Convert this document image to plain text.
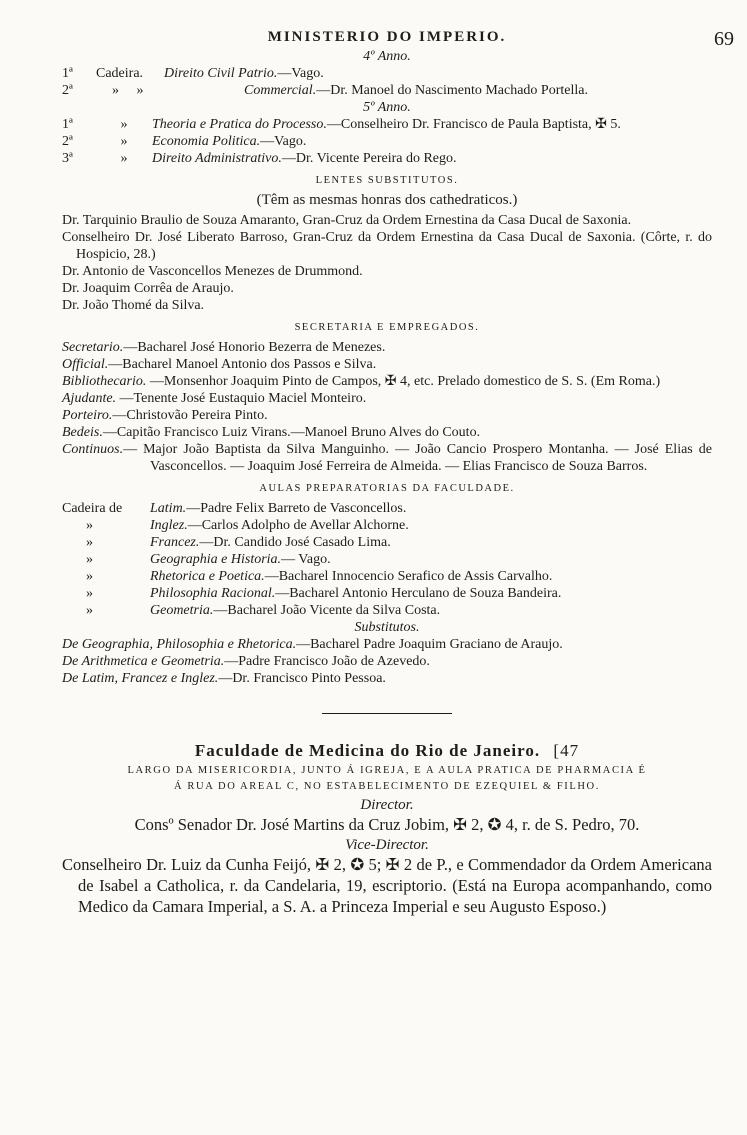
MINISTERIO DO IMPERIO.	69
4º Anno.
1ª	Cadeira.	Direito Civil Patrio.—Vago.
2ª	»     »	Commercial.—Dr. Manoel do Nascimento Machado Portella.
5º Anno.
1ª	»	Theoria e Pratica do Processo.—Conselheiro Dr. Francisco de Paula Baptista, ✠ 5.
2ª	»	Economia Politica.—Vago.
3ª	»	Direito Administrativo.—Dr. Vicente Pereira do Rego.
LENTES SUBSTITUTOS.
(Têm as mesmas honras dos cathedraticos.)
Dr. Tarquinio Braulio de Souza Amaranto, Gran-Cruz da Ordem Ernestina da Casa Ducal de Saxonia.
Conselheiro Dr. José Liberato Barroso, Gran-Cruz da Ordem Ernestina da Casa Ducal de Saxonia. (Côrte, r. do Hospicio, 28.)
Dr. Antonio de Vasconcellos Menezes de Drummond.
Dr. Joaquim Corrêa de Araujo.
Dr. João Thomé da Silva.
SECRETARIA E EMPREGADOS.
Secretario.—Bacharel José Honorio Bezerra de Menezes.
Official.—Bacharel Manoel Antonio dos Passos e Silva.
Bibliothecario. —Monsenhor Joaquim Pinto de Campos, ✠ 4, etc. Prelado domestico de S. S. (Em Roma.)
Ajudante. —Tenente José Eustaquio Maciel Monteiro.
Porteiro.—Christovão Pereira Pinto.
Bedeis.—Capitão Francisco Luiz Virans.—Manoel Bruno Alves do Couto.
Continuos.— Major João Baptista da Silva Manguinho. — João Cancio Prospero Montanha. — José Elias de Vasconcellos. — Joaquim José Ferreira de Almeida. — Elias Francisco de Souza Barros.
AULAS PREPARATORIAS DA FACULDADE.
Cadeira de	Latim.—Padre Felix Barreto de Vasconcellos.
»	Inglez.—Carlos Adolpho de Avellar Alchorne.
»	Francez.—Dr. Candido José Casado Lima.
»	Geographia e Historia.— Vago.
»	Rhetorica e Poetica.—Bacharel Innocencio Serafico de Assis Carvalho.
»	Philosophia Racional.—Bacharel Antonio Herculano de Souza Bandeira.
»	Geometria.—Bacharel João Vicente da Silva Costa.
Substitutos.
De Geographia, Philosophia e Rhetorica.—Bacharel Padre Joaquim Graciano de Araujo.
De Arithmetica e Geometria.—Padre Francisco João de Azevedo.
De Latim, Francez e Inglez.—Dr. Francisco Pinto Pessoa.
Faculdade de Medicina do Rio de Janeiro. [47
LARGO DA MISERICORDIA, JUNTO Á IGREJA, E A AULA PRATICA DE PHARMACIA É
Á RUA DO AREAL C, NO ESTABELECIMENTO DE EZEQUIEL & FILHO.
Director.
Consº Senador Dr. José Martins da Cruz Jobim, ✠ 2, ✪ 4, r. de S. Pedro, 70.
Vice-Director.
Conselheiro Dr. Luiz da Cunha Feijó, ✠ 2, ✪ 5; ✠ 2 de P., e Commendador da Ordem Americana de Isabel a Catholica, r. da Candelaria, 19, escriptorio. (Está na Europa acompanhando, como Medico da Camara Imperial, a S. A. a Princeza Imperial e seu Augusto Esposo.)
